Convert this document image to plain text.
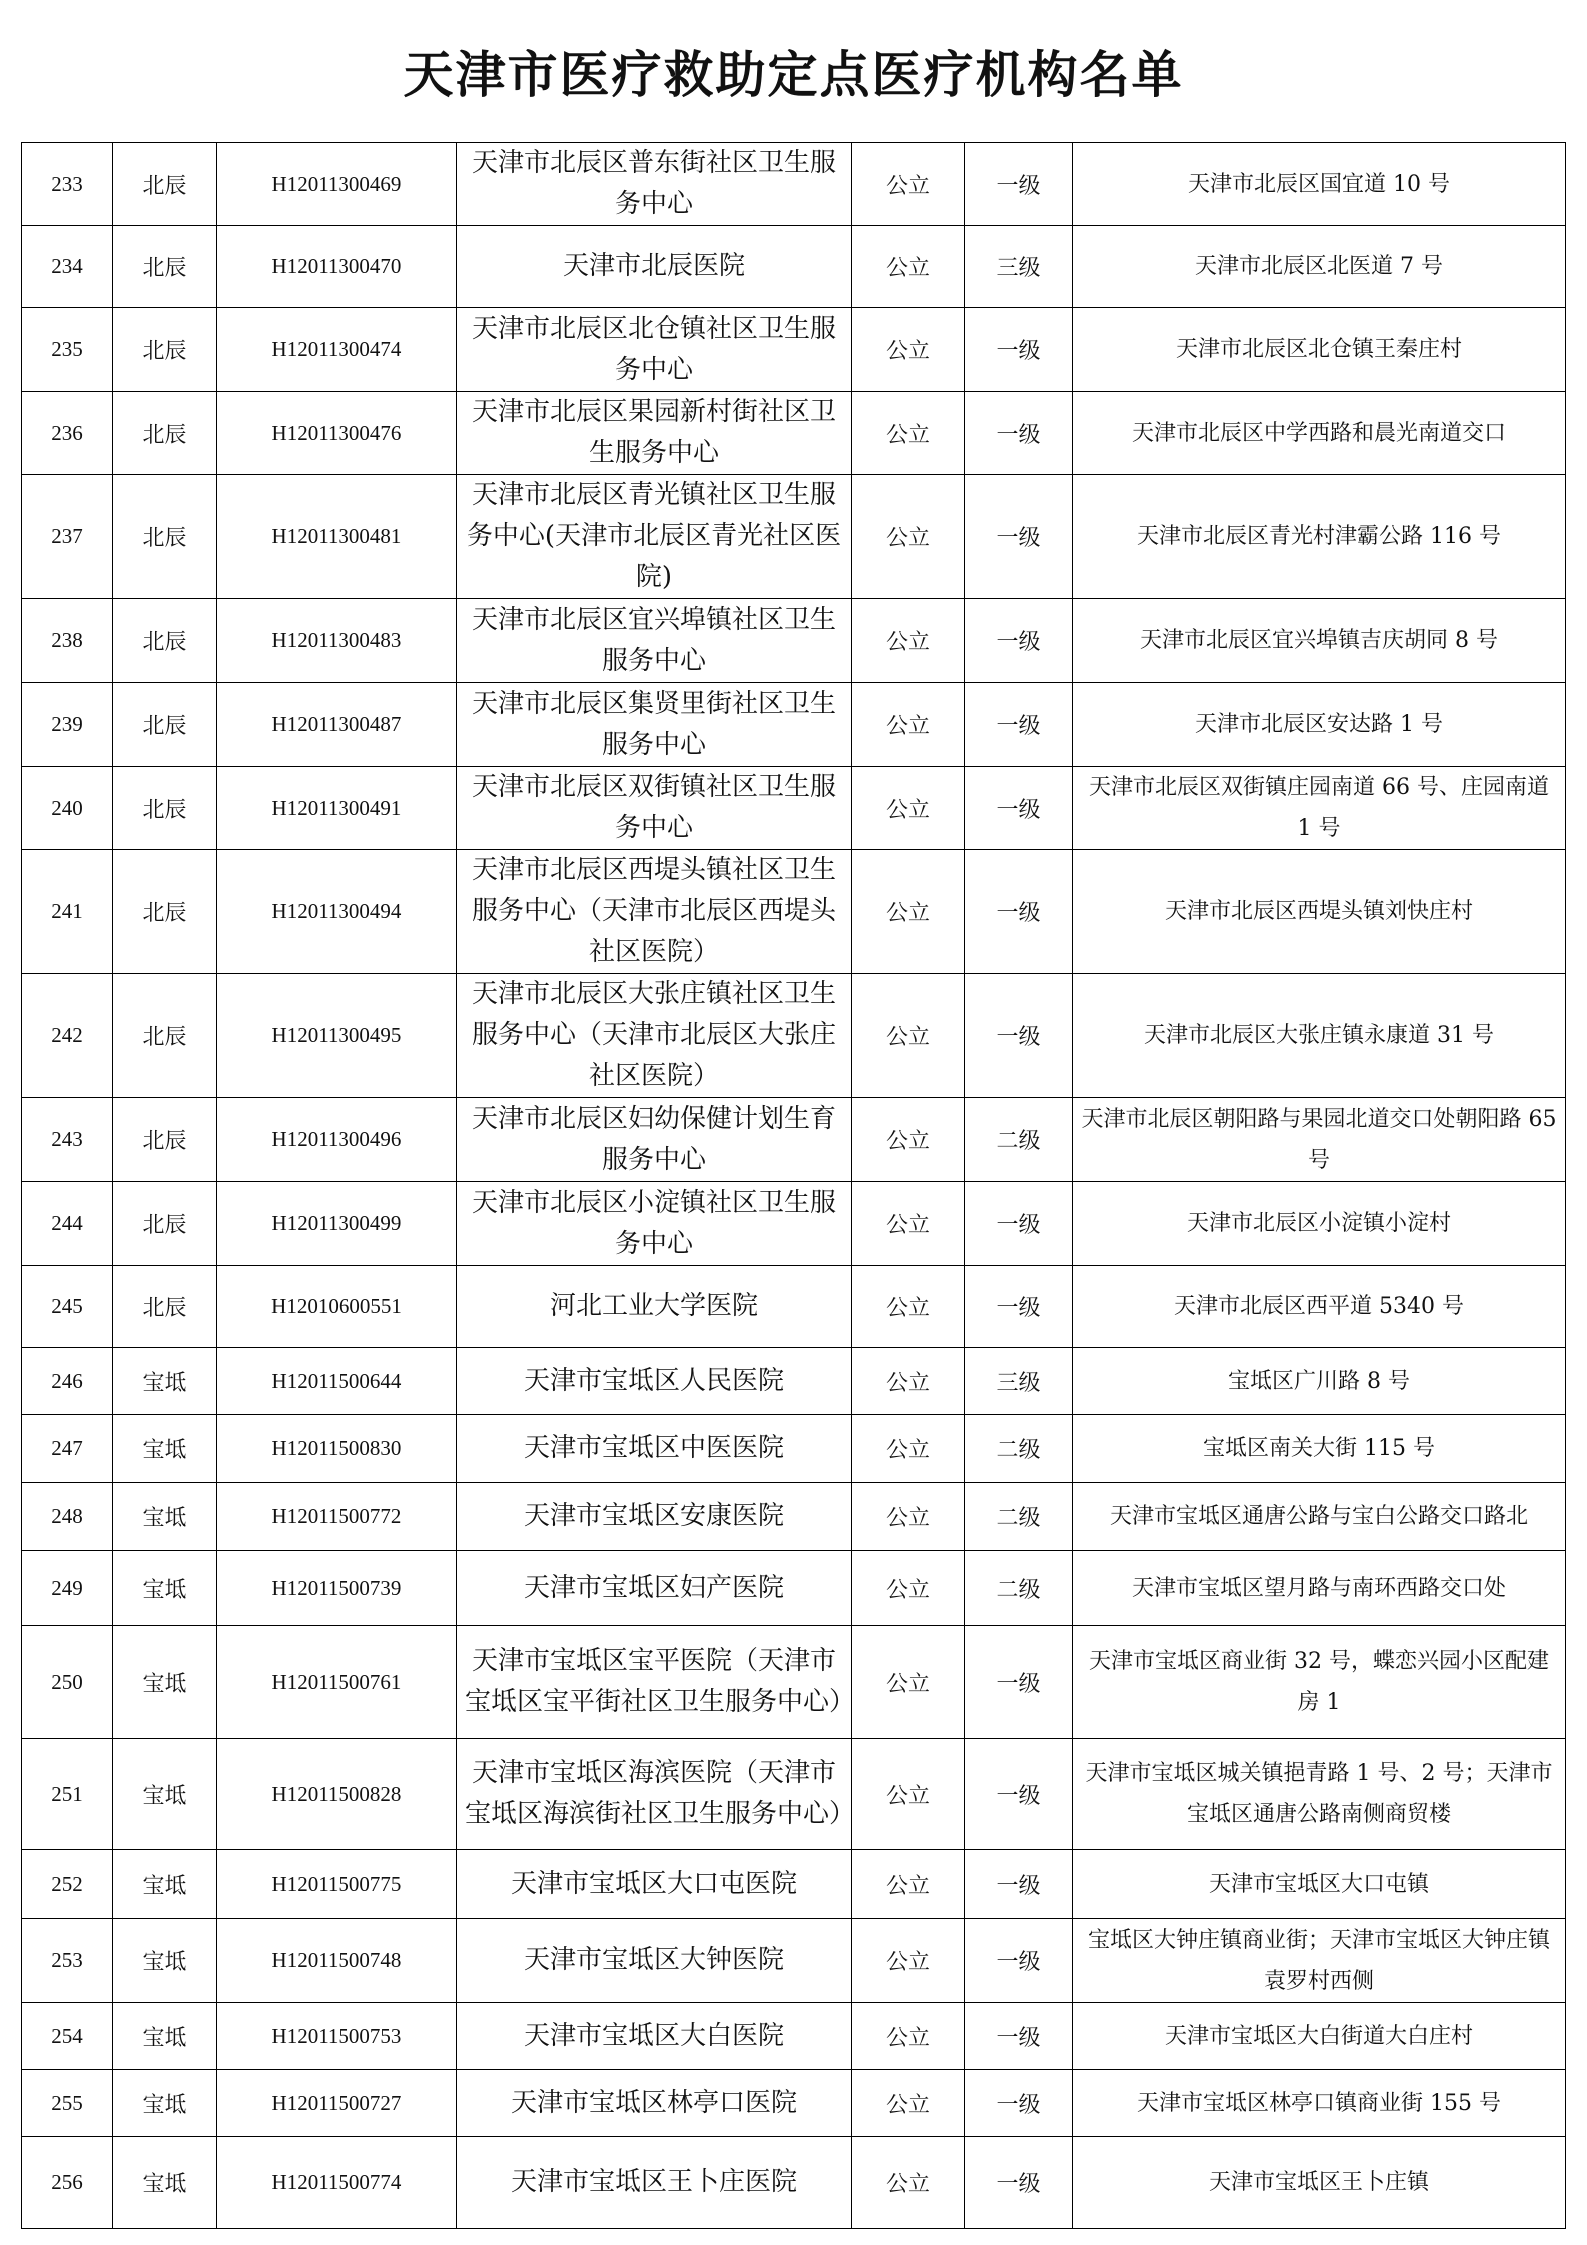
天津市医疗救助定点医疗机构名单
233	北辰	H12011300469	天津市北辰区普东街社区卫生服务中心	公立	一级	天津市北辰区国宜道 10 号
234	北辰	H12011300470	天津市北辰医院	公立	三级	天津市北辰区北医道 7 号
235	北辰	H12011300474	天津市北辰区北仓镇社区卫生服务中心	公立	一级	天津市北辰区北仓镇王秦庄村
236	北辰	H12011300476	天津市北辰区果园新村街社区卫生服务中心	公立	一级	天津市北辰区中学西路和晨光南道交口
237	北辰	H12011300481	天津市北辰区青光镇社区卫生服务中心(天津市北辰区青光社区医院)	公立	一级	天津市北辰区青光村津霸公路 116 号
238	北辰	H12011300483	天津市北辰区宜兴埠镇社区卫生服务中心	公立	一级	天津市北辰区宜兴埠镇吉庆胡同 8 号
239	北辰	H12011300487	天津市北辰区集贤里街社区卫生服务中心	公立	一级	天津市北辰区安达路 1 号
240	北辰	H12011300491	天津市北辰区双街镇社区卫生服务中心	公立	一级	天津市北辰区双街镇庄园南道 66 号、庄园南道 1 号
241	北辰	H12011300494	天津市北辰区西堤头镇社区卫生服务中心（天津市北辰区西堤头社区医院）	公立	一级	天津市北辰区西堤头镇刘快庄村
242	北辰	H12011300495	天津市北辰区大张庄镇社区卫生服务中心（天津市北辰区大张庄社区医院）	公立	一级	天津市北辰区大张庄镇永康道 31 号
243	北辰	H12011300496	天津市北辰区妇幼保健计划生育服务中心	公立	二级	天津市北辰区朝阳路与果园北道交口处朝阳路 65 号
244	北辰	H12011300499	天津市北辰区小淀镇社区卫生服务中心	公立	一级	天津市北辰区小淀镇小淀村
245	北辰	H12010600551	河北工业大学医院	公立	一级	天津市北辰区西平道 5340 号
246	宝坻	H12011500644	天津市宝坻区人民医院	公立	三级	宝坻区广川路 8 号
247	宝坻	H12011500830	天津市宝坻区中医医院	公立	二级	宝坻区南关大街 115 号
248	宝坻	H12011500772	天津市宝坻区安康医院	公立	二级	天津市宝坻区通唐公路与宝白公路交口路北
249	宝坻	H12011500739	天津市宝坻区妇产医院	公立	二级	天津市宝坻区望月路与南环西路交口处
250	宝坻	H12011500761	天津市宝坻区宝平医院（天津市宝坻区宝平街社区卫生服务中心）	公立	一级	天津市宝坻区商业街 32 号，蝶恋兴园小区配建房 1
251	宝坻	H12011500828	天津市宝坻区海滨医院（天津市宝坻区海滨街社区卫生服务中心）	公立	一级	天津市宝坻区城关镇挹青路 1 号、2 号；天津市宝坻区通唐公路南侧商贸楼
252	宝坻	H12011500775	天津市宝坻区大口屯医院	公立	一级	天津市宝坻区大口屯镇
253	宝坻	H12011500748	天津市宝坻区大钟医院	公立	一级	宝坻区大钟庄镇商业街；天津市宝坻区大钟庄镇袁罗村西侧
254	宝坻	H12011500753	天津市宝坻区大白医院	公立	一级	天津市宝坻区大白街道大白庄村
255	宝坻	H12011500727	天津市宝坻区林亭口医院	公立	一级	天津市宝坻区林亭口镇商业街 155 号
256	宝坻	H12011500774	天津市宝坻区王卜庄医院	公立	一级	天津市宝坻区王卜庄镇
